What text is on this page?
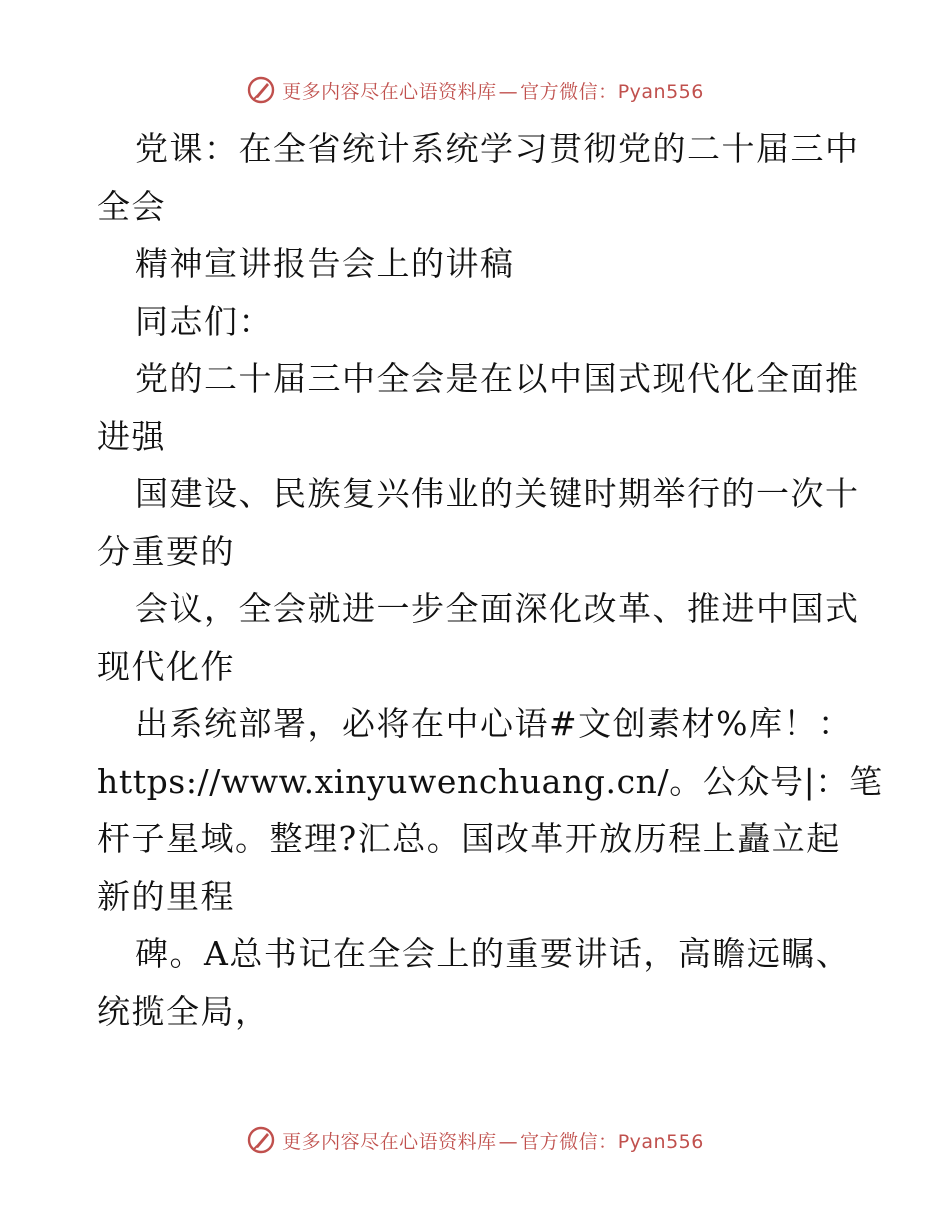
更多内容尽在心语资料库 — 官方微信：Pyan556
党课：在全省统计系统学习贯彻党的二十届三中
全会
精神宣讲报告会上的讲稿
同志们：
党的二十届三中全会是在以中国式现代化全面推
进强
国建设、民族复兴伟业的关键时期举行的一次十
分重要的
会议，全会就进一步全面深化改革、推进中国式
现代化作
出系统部署，必将在中心语#文创素材%库！：
https://www.xinyuwenchuang.cn/。公众号|：笔
杆子星域。整理?汇总。国改革开放历程上矗立起
新的里程
碑。A总书记在全会上的重要讲话，高瞻远瞩、
统揽全局，
更多内容尽在心语资料库 — 官方微信：Pyan556
